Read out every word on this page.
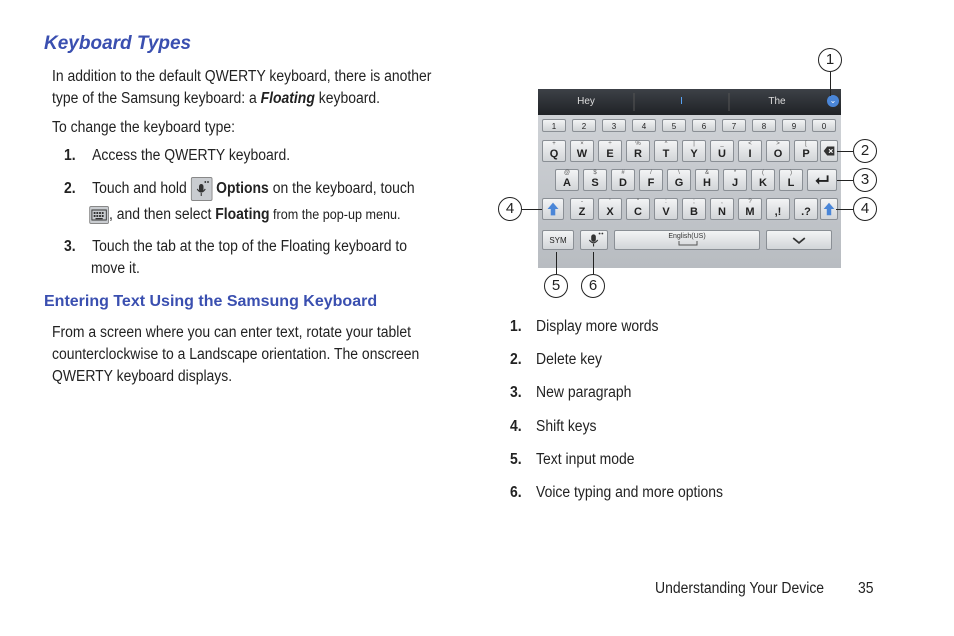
Keyboard Types
In addition to the default QWERTY keyboard, there is another
type of the Samsung keyboard: a Floating keyboard.
To change the keyboard type:
1. Access the QWERTY keyboard.
2. Touch and hold  Options on the keyboard, touch
, and then select Floating from the pop-up menu.
3. Touch the tab at the top of the Floating keyboard to
move it.
Entering Text Using the Samsung Keyboard
From a screen where you can enter text, rotate your tablet
counterclockwise to a Landscape orientation. The onscreen
QWERTY keyboard displays.
Hey	I	The	⌄
1	2	3	4	5	6	7	8	9	0
+
Q
×
W
÷
E
%
R
^
T
|
Y
_
U
<
I
>
O
[
P
@
A
$
S
#
D
/
F
\
G
&
H
*
J
(
K
)
L
-
Z
'
X
"
C
:
V
;
B
,
N
?
M ,! .?
SYM	English(US)
1
2
3
4
4
5	6
1. Display more words
2. Delete key
3. New paragraph
4. Shift keys
5. Text input mode
6. Voice typing and more options
Understanding Your Device 35
